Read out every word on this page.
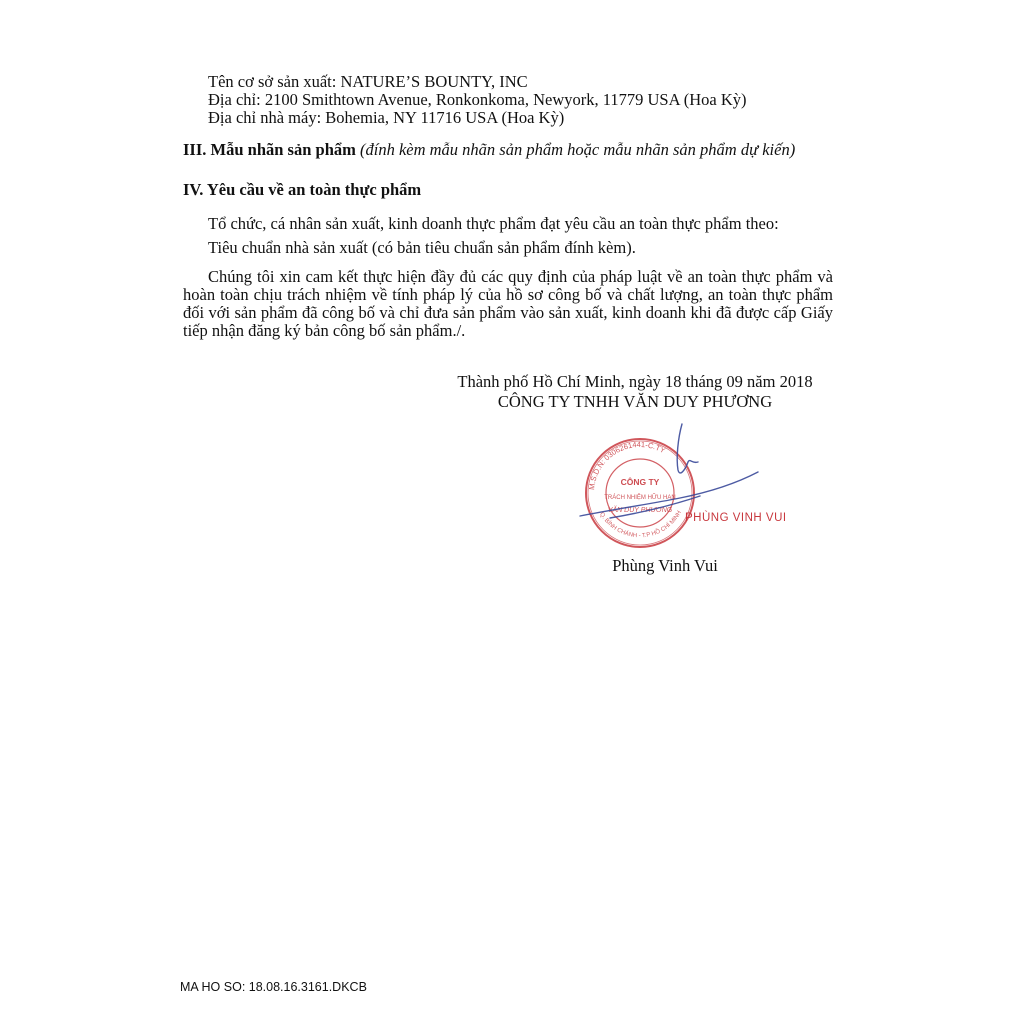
Tên cơ sở sản xuất: NATURE’S BOUNTY, INC
Địa chỉ: 2100 Smithtown Avenue, Ronkonkoma, Newyork, 11779 USA (Hoa Kỳ)
Địa chỉ nhà máy: Bohemia, NY 11716 USA (Hoa Kỳ)
III. Mẫu nhãn sản phẩm (đính kèm mẫu nhãn sản phẩm hoặc mẫu nhãn sản phẩm dự kiến)
IV. Yêu cầu về an toàn thực phẩm
Tổ chức, cá nhân sản xuất, kinh doanh thực phẩm đạt yêu cầu an toàn thực phẩm theo:
Tiêu chuẩn nhà sản xuất (có bản tiêu chuẩn sản phẩm đính kèm).
Chúng tôi xin cam kết thực hiện đầy đủ các quy định của pháp luật về an toàn thực phẩm và
hoàn toàn chịu trách nhiệm về tính pháp lý của hồ sơ công bố và chất lượng, an toàn thực phẩm
đối với sản phẩm đã công bố và chỉ đưa sản phẩm vào sản xuất, kinh doanh khi đã được cấp Giấy
tiếp nhận đăng ký bản công bố sản phẩm./.
Thành phố Hồ Chí Minh, ngày 18 tháng 09 năm 2018
CÔNG TY TNHH VĂN DUY PHƯƠNG
M.S.D.N: 0306261441-C.TY
Q. BÌNH CHÁNH - T.P HỒ CHÍ MINH
CÔNG TY
TRÁCH NHIỆM HỮU HẠN
VĂN DUY PHƯƠNG
PHÙNG VINH VUI
Phùng Vinh Vui
MA HO SO: 18.08.16.3161.DKCB
